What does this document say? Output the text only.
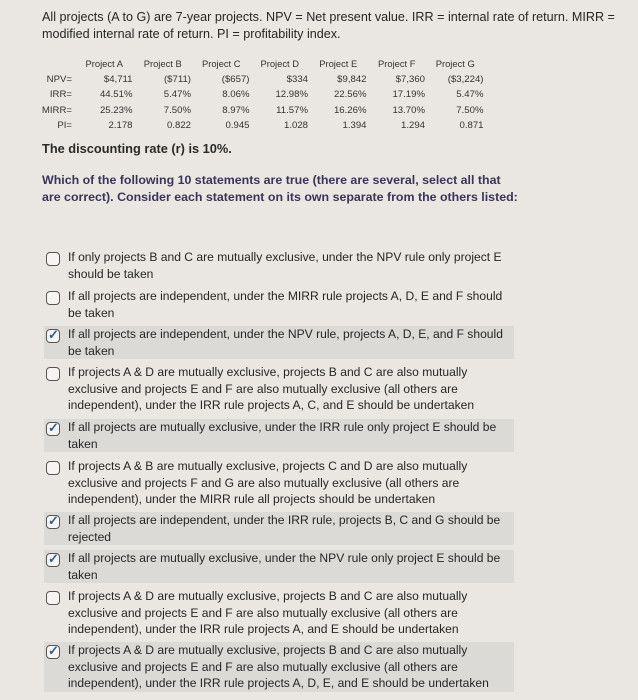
All projects (A to G) are 7-year projects. NPV = Net present value. IRR = internal rate of return. MIRR = modified internal rate of return. PI = profitability index.
Project A	Project B	Project C	Project D	Project E	Project F	Project G
NPV=	$4,711	($711)	($657)	$334	$9,842	$7,360	($3,224)
IRR=	44.51%	5.47%	8.06%	12.98%	22.56%	17.19%	5.47%
MIRR=	25.23%	7.50%	8.97%	11.57%	16.26%	13.70%	7.50%
PI=	2.178	0.822	0.945	1.028	1.394	1.294	0.871
The discounting rate (r) is 10%.
Which of the following 10 statements are true (there are several, select all that are correct). Consider each statement on its own separate from the others listed:
If only projects B and C are mutually exclusive, under the NPV rule only project E should be taken
If all projects are independent, under the MIRR rule projects A, D, E and F should be taken
✓ If all projects are independent, under the NPV rule, projects A, D, E, and F should be taken
If projects A & D are mutually exclusive, projects B and C are also mutually exclusive and projects E and F are also mutually exclusive (all others are independent), under the IRR rule projects A, C, and E should be undertaken
✓ If all projects are mutually exclusive, under the IRR rule only project E should be taken
If projects A & B are mutually exclusive, projects C and D are also mutually exclusive and projects F and G are also mutually exclusive (all others are independent), under the MIRR rule all projects should be undertaken
✓ If all projects are independent, under the IRR rule, projects B, C and G should be rejected
✓ If all projects are mutually exclusive, under the NPV rule only project E should be taken
If projects A & D are mutually exclusive, projects B and C are also mutually exclusive and projects E and F are also mutually exclusive (all others are independent), under the IRR rule projects A, and E should be undertaken
✓ If projects A & D are mutually exclusive, projects B and C are also mutually exclusive and projects E and F are also mutually exclusive (all others are independent), under the IRR rule projects A, D, E, and E should be undertaken
